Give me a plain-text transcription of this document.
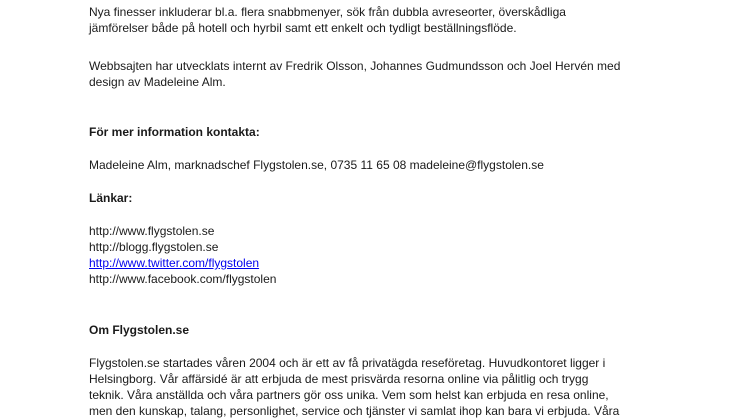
Nya finesser inkluderar bl.a. flera snabbmenyer, sök från dubbla avreseorter, överskådliga
jämförelser både på hotell och hyrbil samt ett enkelt och tydligt beställningsflöde.
Webbsajten har utvecklats internt av Fredrik Olsson, Johannes Gudmundsson och Joel Hervén med
design av Madeleine Alm.
För mer information kontakta:
Madeleine Alm, marknadschef Flygstolen.se, 0735 11 65 08 madeleine@flygstolen.se
Länkar:
http://www.flygstolen.se
http://blogg.flygstolen.se
http://www.twitter.com/flygstolen
http://www.facebook.com/flygstolen
Om Flygstolen.se
Flygstolen.se startades våren 2004 och är ett av få privatägda reseföretag. Huvudkontoret ligger i
Helsingborg. Vår affärsidé är att erbjuda de mest prisvärda resorna online via pålitlig och trygg
teknik. Våra anställda och våra partners gör oss unika. Vem som helst kan erbjuda en resa online,
men den kunskap, talang, personlighet, service och tjänster vi samlat ihop kan bara vi erbjuda. Våra
